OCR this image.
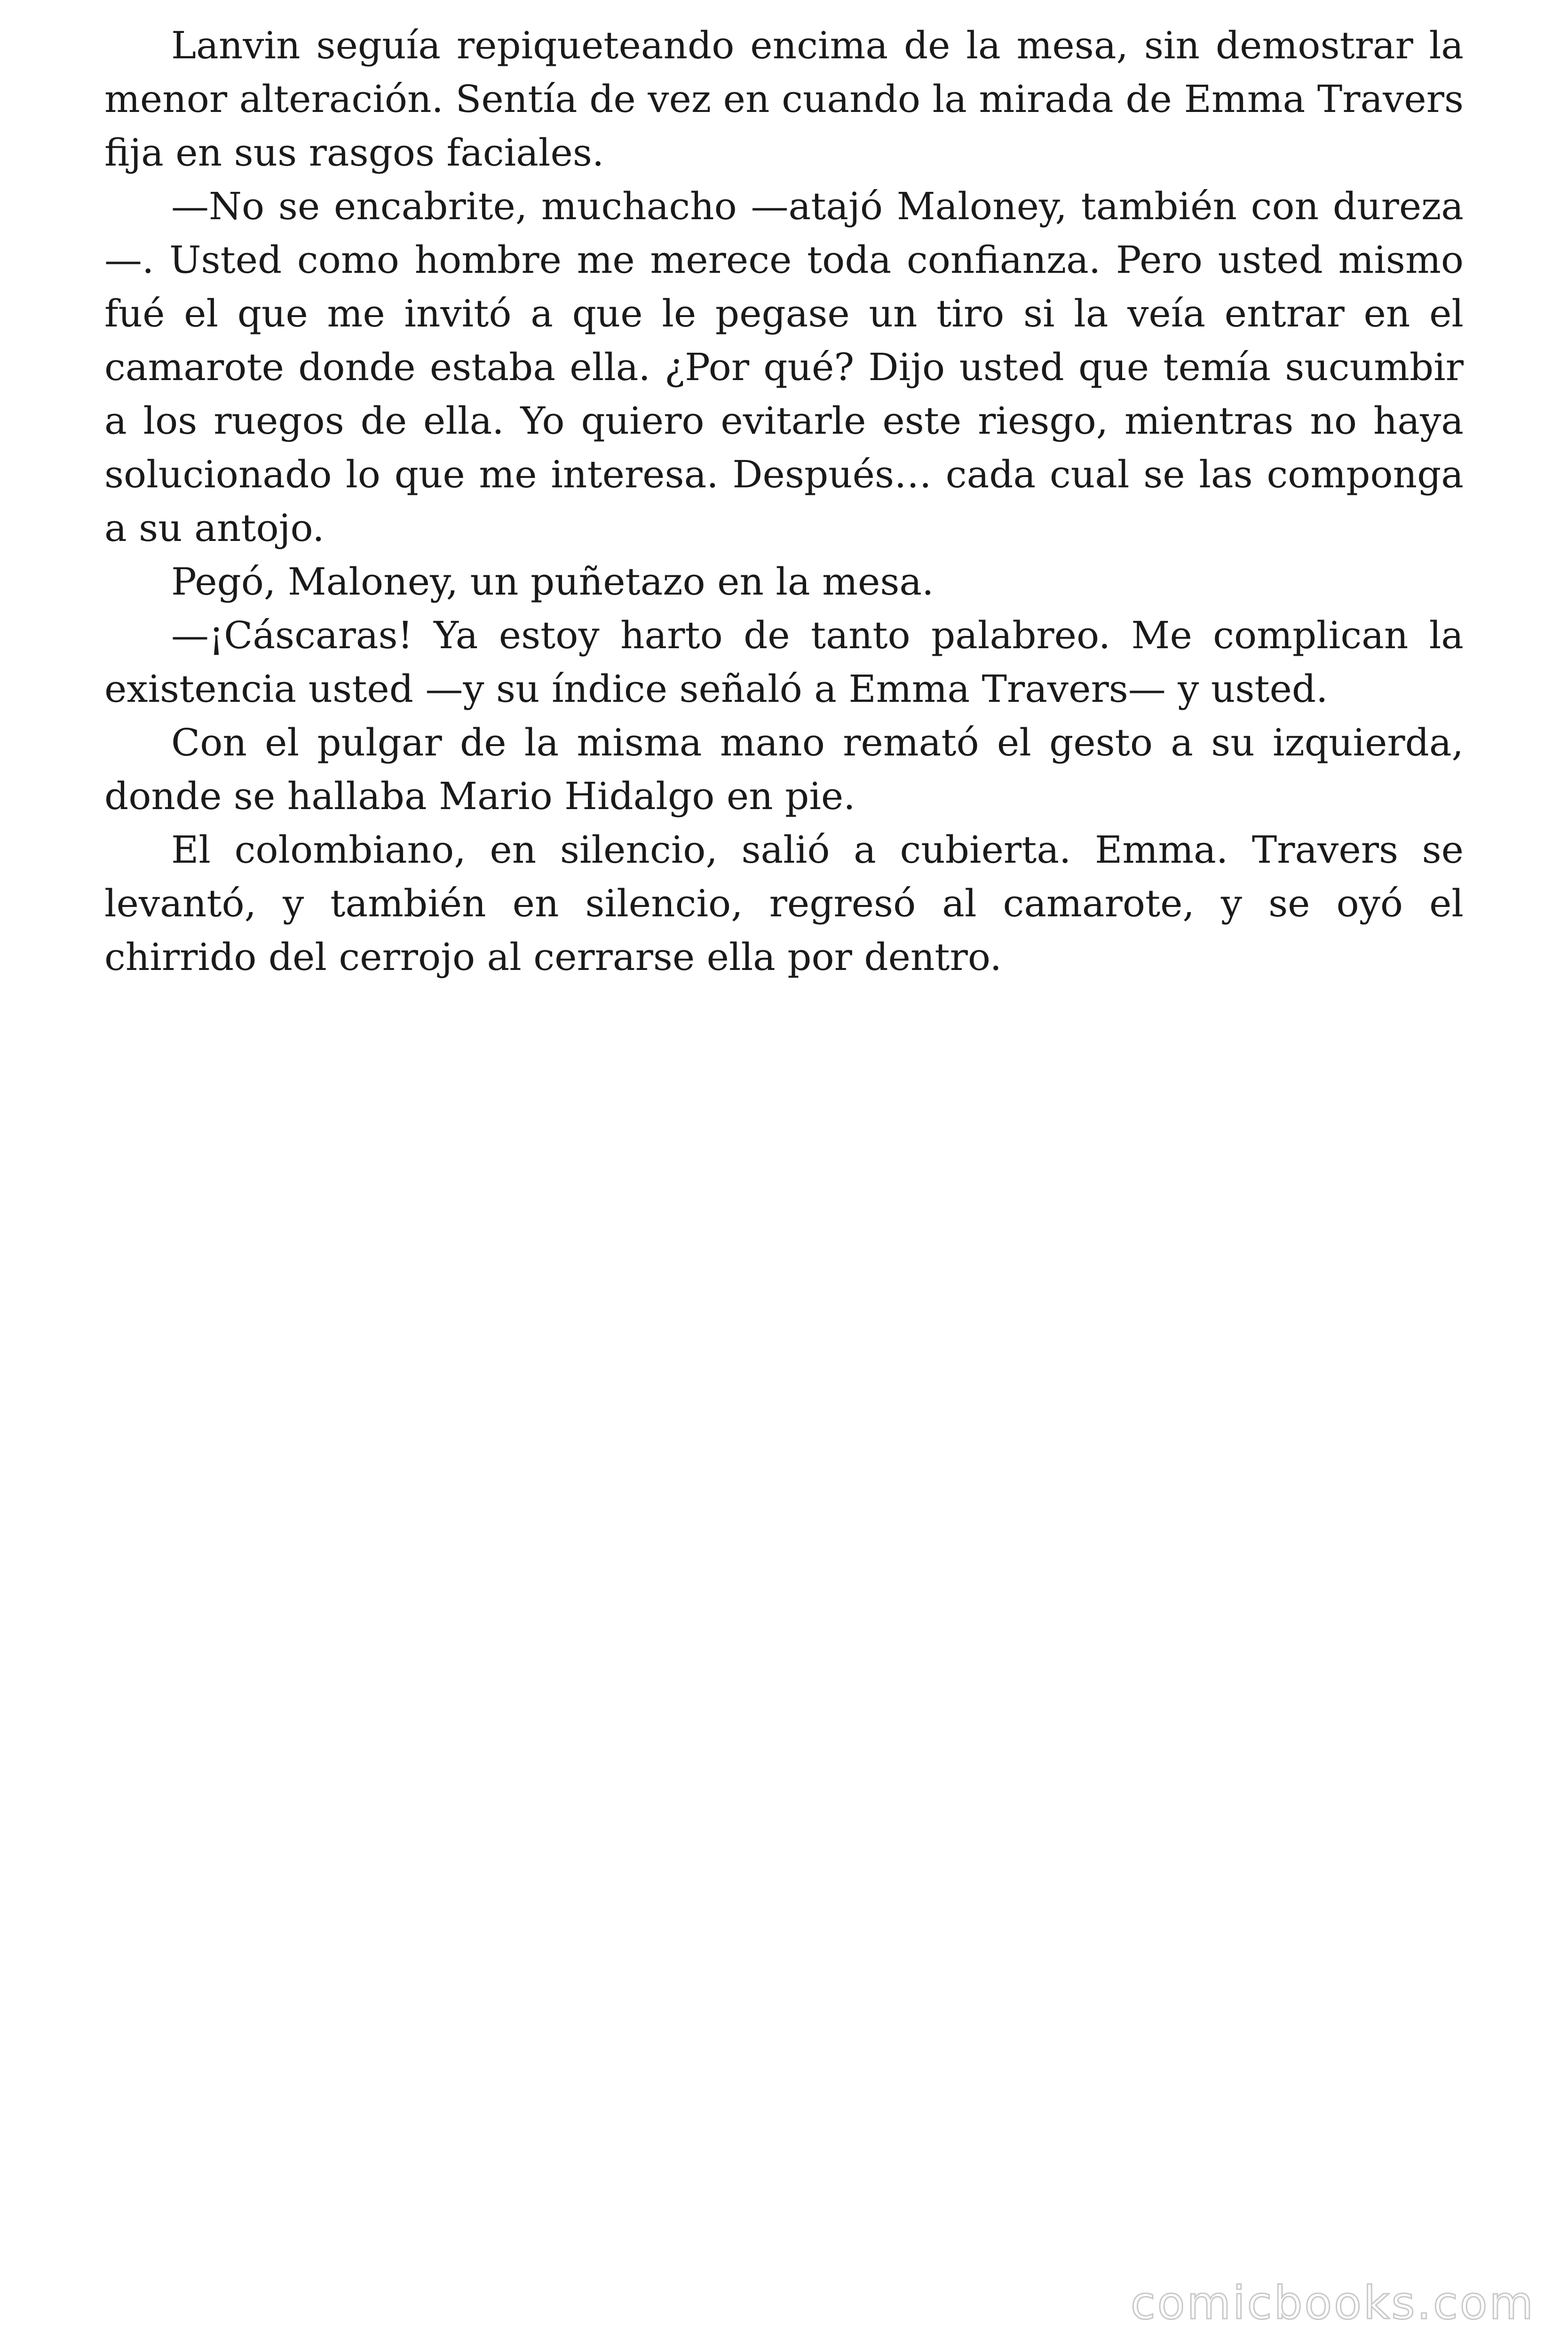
Lanvin seguía repiqueteando encima de la mesa, sin demostrar la menor alteración. Sentía de vez en cuando la mirada de Emma Travers fija en sus rasgos faciales.

—No se encabrite, muchacho —atajó Maloney, también con dureza —. Usted como hombre me merece toda confianza. Pero usted mismo fué el que me invitó a que le pegase un tiro si la veía entrar en el camarote donde estaba ella. ¿Por qué? Dijo usted que temía sucumbir a los ruegos de ella. Yo quiero evitarle este riesgo, mientras no haya solucionado lo que me interesa. Después… cada cual se las componga a su antojo.

Pegó, Maloney, un puñetazo en la mesa.

—¡Cáscaras! Ya estoy harto de tanto palabreo. Me complican la existencia usted —y su índice señaló a Emma Travers— y usted.

Con el pulgar de la misma mano remató el gesto a su izquierda, donde se hallaba Mario Hidalgo en pie.

El colombiano, en silencio, salió a cubierta. Emma. Travers se levantó, y también en silencio, regresó al camarote, y se oyó el chirrido del cerrojo al cerrarse ella por dentro.

comicbooks.com
